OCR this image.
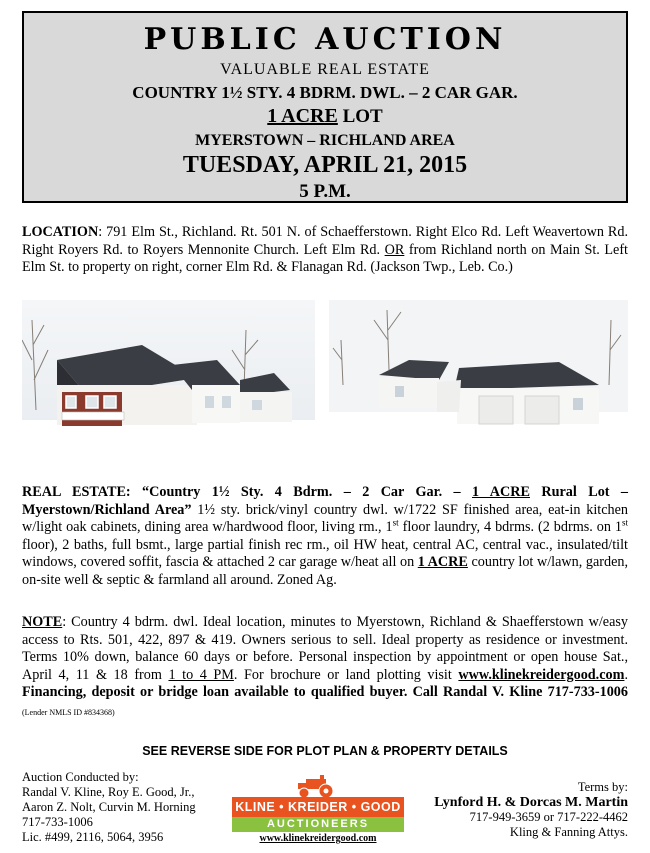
PUBLIC AUCTION
VALUABLE REAL ESTATE
COUNTRY 1½ STY. 4 BDRM. DWL. – 2 CAR GAR.
1 ACRE LOT
MYERSTOWN – RICHLAND AREA
TUESDAY, APRIL 21, 2015
5 P.M.
LOCATION: 791 Elm St., Richland. Rt. 501 N. of Schaefferstown. Right Elco Rd. Left Weavertown Rd. Right Royers Rd. to Royers Mennonite Church. Left Elm Rd. OR from Richland north on Main St. Left Elm St. to property on right, corner Elm Rd. & Flanagan Rd. (Jackson Twp., Leb. Co.)
REAL ESTATE: “Country 1½ Sty. 4 Bdrm. – 2 Car Gar. – 1 ACRE Rural Lot – Myerstown/Richland Area” 1½ sty. brick/vinyl country dwl. w/1722 SF finished area, eat-in kitchen w/light oak cabinets, dining area w/hardwood floor, living rm., 1st floor laundry, 4 bdrms. (2 bdrms. on 1st floor), 2 baths, full bsmt., large partial finish rec rm., oil HW heat, central AC, central vac., insulated/tilt windows, covered soffit, fascia & attached 2 car garage w/heat all on 1 ACRE country lot w/lawn, garden, on-site well & septic & farmland all around. Zoned Ag.
NOTE: Country 4 bdrm. dwl. Ideal location, minutes to Myerstown, Richland & Shaefferstown w/easy access to Rts. 501, 422, 897 & 419. Owners serious to sell. Ideal property as residence or investment. Terms 10% down, balance 60 days or before. Personal inspection by appointment or open house Sat., April 4, 11 & 18 from 1 to 4 PM. For brochure or land plotting visit www.klinekreidergood.com. Financing, deposit or bridge loan available to qualified buyer. Call Randal V. Kline 717-733-1006 (Lender NMLS ID #834368)
SEE REVERSE SIDE FOR PLOT PLAN & PROPERTY DETAILS
Auction Conducted by:
Randal V. Kline, Roy E. Good, Jr.,
Aaron Z. Nolt, Curvin M. Horning
717-733-1006
Lic. #499, 2116, 5064, 3956
KLINE • KREIDER • GOOD
AUCTIONEERS
www.klinekreidergood.com
Terms by:
Lynford H. & Dorcas M. Martin
717-949-3659 or 717-222-4462
Kling & Fanning Attys.
